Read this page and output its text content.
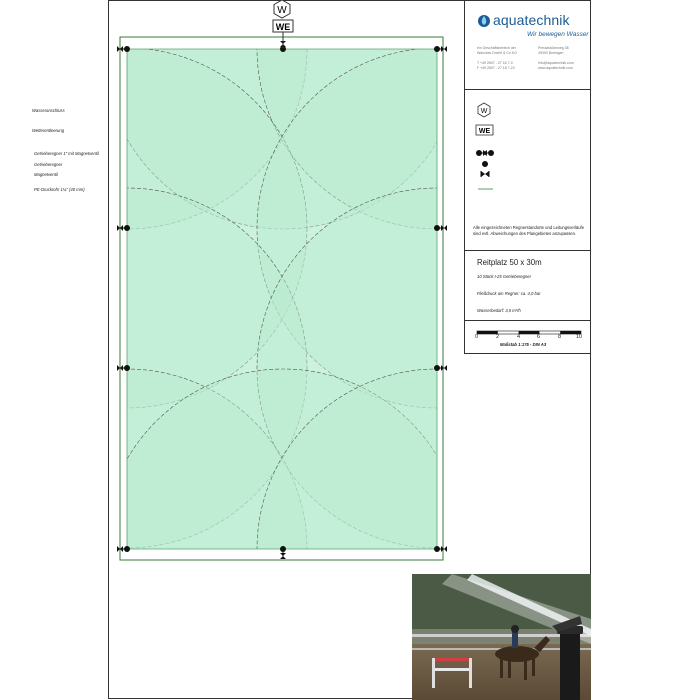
W
WE
W
WE
aquatechnik
Wir bewegen Wasser
ein Geschäftsbereich der
Wanzlow GmbH & Co KG

T +49 2607 - 27 18 7-0
F +49 2607 - 27 18 7-22
Preustraßenweg 38
49393 Borlingen

info@aquatechnik.com
www.aquatechnik.com
Wasseranschluss
Wetterentleerung
Getrieberegner 1" mit Magnetventil
Getrieberegner
Magnetventil
PE-Druckrohr 1¼" (40 mm)
Alle eingezeichneten Regnerstandorte und Leitungsverläufe sind evtl. Abweichungen des Plangebietes anzupassen.
Reitplatz 50 x 30m
10 Stück I-25 Getrieberegner
Fließdruck am Regner: ca. 4,0 bar
Wasserbedarf: 3,5 m³/h
0	2	4	6	8	10
Maßstab 1:175 - DIN A3
